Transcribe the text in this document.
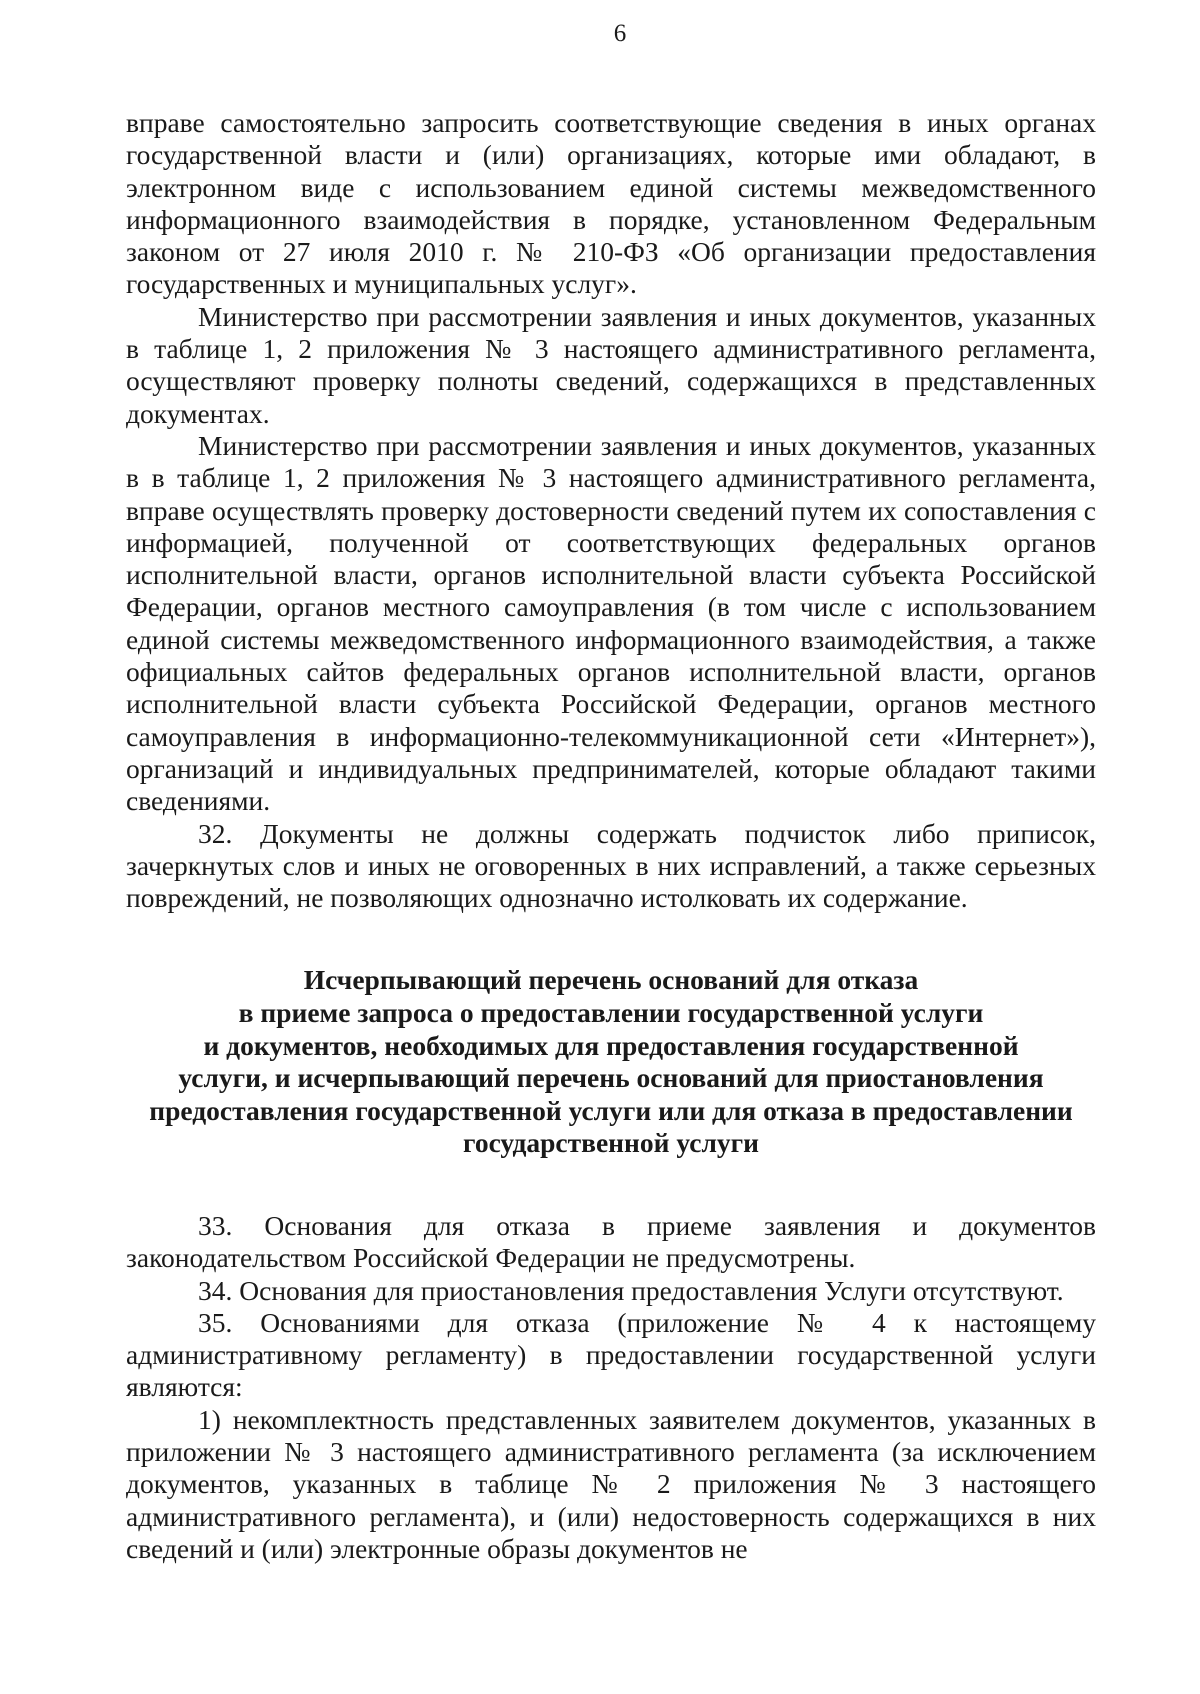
6

вправе самостоятельно запросить соответствующие сведения в иных органах государственной власти и (или) организациях, которые ими обладают, в электронном виде с использованием единой системы межведомственного информационного взаимодействия в порядке, установленном Федеральным законом от 27 июля 2010 г. № 210-ФЗ «Об организации предоставления государственных и муниципальных услуг».

Министерство при рассмотрении заявления и иных документов, указанных в таблице 1, 2 приложения № 3 настоящего административного регламента, осуществляют проверку полноты сведений, содержащихся в представленных документах.

Министерство при рассмотрении заявления и иных документов, указанных в в таблице 1, 2 приложения № 3 настоящего административного регламента, вправе осуществлять проверку достоверности сведений путем их сопоставления с информацией, полученной от соответствующих федеральных органов исполнительной власти, органов исполнительной власти субъекта Российской Федерации, органов местного самоуправления (в том числе с использованием единой системы межведомственного информационного взаимодействия, а также официальных сайтов федеральных органов исполнительной власти, органов исполнительной власти субъекта Российской Федерации, органов местного самоуправления в информационно-телекоммуникационной сети «Интернет»), организаций и индивидуальных предпринимателей, которые обладают такими сведениями.

32. Документы не должны содержать подчисток либо приписок, зачеркнутых слов и иных не оговоренных в них исправлений, а также серьезных повреждений, не позволяющих однозначно истолковать их содержание.

Исчерпывающий перечень оснований для отказа
в приеме запроса о предоставлении государственной услуги
и документов, необходимых для предоставления государственной
услуги, и исчерпывающий перечень оснований для приостановления
предоставления государственной услуги или для отказа в предоставлении
государственной услуги

33. Основания для отказа в приеме заявления и документов законодательством Российской Федерации не предусмотрены.

34. Основания для приостановления предоставления Услуги отсутствуют.

35. Основаниями для отказа (приложение № 4 к настоящему административному регламенту) в предоставлении государственной услуги являются:

1) некомплектность представленных заявителем документов, указанных в приложении № 3 настоящего административного регламента (за исключением документов, указанных в таблице № 2 приложения № 3 настоящего административного регламента), и (или) недостоверность содержащихся в них сведений и (или) электронные образы документов не
